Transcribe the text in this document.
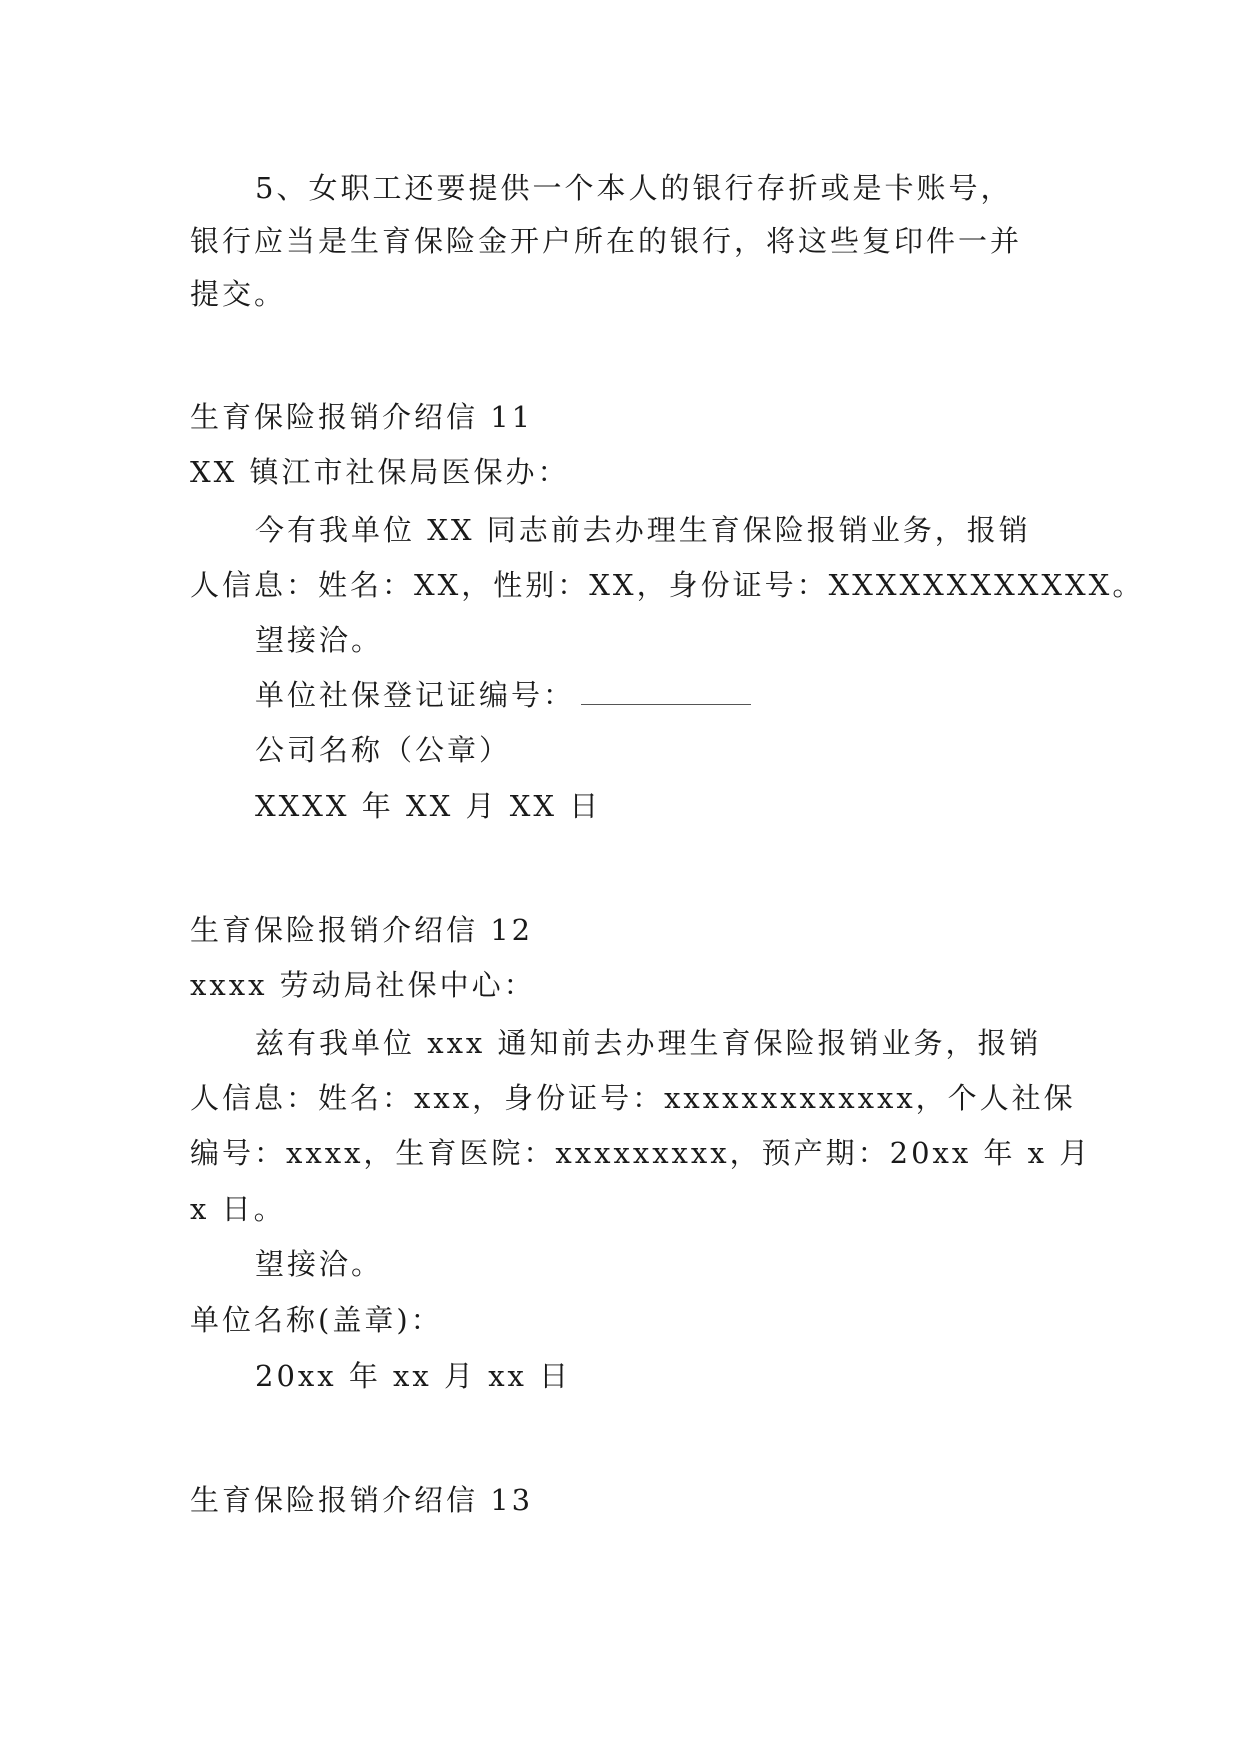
5、女职工还要提供一个本人的银行存折或是卡账号，
银行应当是生育保险金开户所在的银行，将这些复印件一并
提交。
生育保险报销介绍信 11
XX 镇江市社保局医保办：
今有我单位 XX 同志前去办理生育保险报销业务，报销
人信息：姓名：XX，性别：XX，身份证号：XXXXXXXXXXXX。
望接洽。
单位社保登记证编号：
公司名称（公章）
XXXX 年 XX 月 XX 日
生育保险报销介绍信 12
xxxx 劳动局社保中心：
兹有我单位 xxx 通知前去办理生育保险报销业务，报销
人信息：姓名：xxx，身份证号：xxxxxxxxxxxxx，个人社保
编号：xxxx，生育医院：xxxxxxxxx，预产期：20xx 年 x 月
x 日。
望接洽。
单位名称(盖章)：
20xx 年 xx 月 xx 日
生育保险报销介绍信 13
